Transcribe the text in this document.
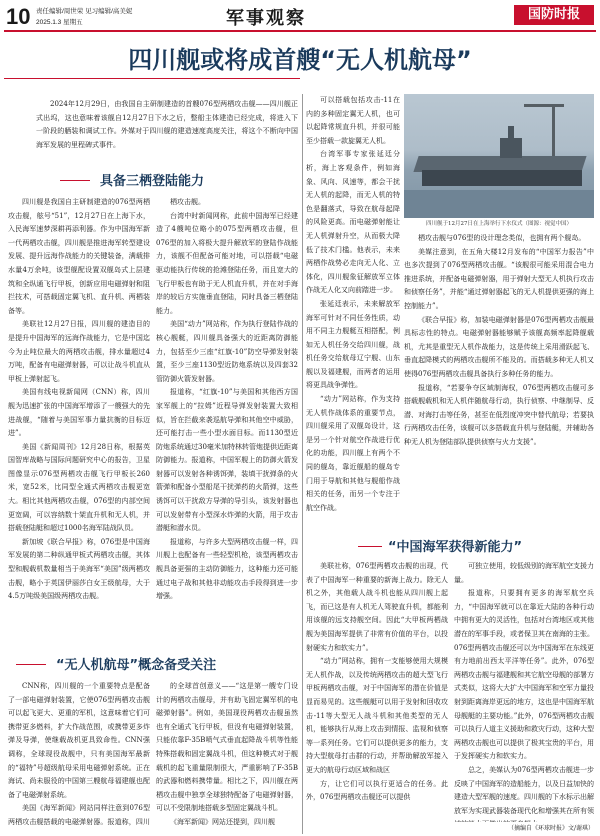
10 责任编辑/周世荣 见习编辑/高美妮
2025.1.3 星期五	军事观察	国防时报
四川舰或将成首艘“无人机航母”
2024年12月29日，由我国自主研制建造的首艘076型两栖攻击舰——四川舰正式出坞，这也意味着该舰自12月27日下水之后，整船主体建造已经完成，将进入下一阶段的舾装和调试工作。外媒对于四川舰的建造速度高度关注，将这个不断向中国海军发展的里程碑式事件。
四川舰于12月27日在上海举行下水仪式（图源：视觉中国）
具备三栖登陆能力

四川舰是我国自主研制建造的076型两栖攻击舰，舷号“51”，12月27日在上海下水，入民海军速梦深耕再添利器。作为中国海军新一代两栖攻击舰，四川舰是推进海军转型建设发展、提升远海作战能力的关键装备，满载排水量4万余吨，该型舰配设置双舰岛式上层建筑和全纵通飞行甲板，创新应用电磁弹射和阻拦技术，可搭载固定翼飞机、直升机、两栖装备等。

美联社12月27日报，四川舰的建造目的是提升中国海军的远海作战能力，它是中国迄今为止吨位最大的两栖攻击舰，排水量超过4万吨，配备有电磁弹射器，可以让战斗机直从甲板上弹射起飞。

美国有线电视新闻网（CNN）称，四川舰为迅速扩张的中国海军增添了一艘强大的先进战舰，“随着与美国军事力量抗衡的目标迈进”。

美国《新闻周刊》12月28日称，根据英国智库战略与国际问题研究中心的报告，卫星图像显示076型两栖攻击舰飞行甲板长260米，宽52米，比同型全通式两栖攻击舰更宽大。相比其他两栖攻击舰，076型的内部空间更宽阔，可以容纳数十架直升机和无人机，并搭载登陆艇和超过1000名海军陆战队员。

新加坡《联合早报》称，076型是中国海军发展的第二种纵通甲板式两栖攻击舰，其体型和舰载机数量相当于美海军“美国”级两栖攻击舰，略小于英国伊丽莎白女王级航母，大于4.5万吨级美国级两栖攻击舰。

栖攻击舰。

台湾中时新闻网称，此前中国海军已经建造了4艘吨位略小的075型两栖攻击舰，但076型的加入将极大提升解放军的登陆作战能力，该舰不但配备可能对地，可以搭载“电磁驱动能执行传统的抢滩登陆任务，而且宽大的飞行甲板也有助于无人机直升机，并在对手海岸的较后方实施垂直登陆，同时具备三栖登陆能力。

美国“动力”网站称，作为执行登陆作战的核心舰艇，四川舰具备强大的近距离防御能力，包括至少三座“红旗-10”防空导弹发射装置，至少三座1130型近防炮系统以及四套32管防御火箭发射器。

报道称，“红旗-10”与美国和其他西方国家军舰上的“拉姆”近程导弹发射装置大致相似，旨在拦截来袭巡航导弹和其他空中威胁，还可能打击一些小型水面目标。而1130型近防炮系统通过30毫米加特林转管炮提供近距离防御能力。报道称，中国军舰上的防御火箭发射器可以发射各种诱饵弹，装填干扰弹条的火箭弹和配备小型船尾干扰弹药的火箭弹，这些诱饵可以干扰敌方导弹的导引头，该发射器也可以发射带有小型深水炸弹的火箭，用于攻击潜艇和潜水员。

报道称，与许多大型两栖攻击舰一样，四川舰上也配备有一些轻型机枪，该型两栖攻击舰具备更强的主动防御能力，这种能力还可能通过电子战和其他非动能攻击手段得到进一步增强。

可以搭载包括攻击-11在内的多种固定翼无人机，也可以起降常规直升机，并很可能至少搭载一款旋翼无人机。

台湾军事专家张延廷分析，海上客观条件，例如海象、风向、风速等，都会干扰无人机的起降，而无人机的特色是翻落式，导致在航母起降的风险更高。而电磁弹射能让无人机弹射升空，从而极大降低了技术门槛。他表示，未来两栖作战势必走向无人化、立体化，四川舰象征解放军立体作战无人化又向前踏进一步。

张延廷表示，未来解放军海军可针对不同任务性质，动用不同主力舰艇互相搭配，例如无人机任务交给四川舰，战机任务交给航母辽宁舰、山东舰以及福建舰，而两者的运用将更具战争弹性。

“动力”网站称，作为支持无人机作战体系的重要节点，四川舰采用了双舰岛设计，这是另一个针对航空作战进行优化的功能，四川舰上有两个不同的舰岛，靠近舰船的舰岛专门用于导航和其他与舰船作战相关的任务，而另一个专注于航空作战。

栖攻击舰与076型的设计理念类似，也拥有两个舰岛。

美媒注意到，在五角大楼12月发布的“中国军力报告”中也多次提到了076型两栖攻击舰。“该舰很可能采用混合电力推进系统，并配备电磁弹射器，用于弹射大型无人机执行攻击和侦察任务”，并能“通过弹射器起飞的无人机提供更强的海上控制能力”。

《联合早报》称，加装电磁弹射器是076型两栖攻击舰最具标志性的特点。电磁弹射器能够赋予该舰高频率起降舰载机，尤其是重型无人机作战能力，这是传统上采用滑跃起飞、垂直起降模式的两栖攻击舰所不能及的。而搭载多种无人机又使得076型两栖攻击舰具备执行多种任务的能力。

报道称，“若要争夺区域制海权，076型两栖攻击舰可多搭载舰载机和无人机伴随航母行动，执行侦察、中继制导、反潜、对海打击等任务，甚至在低烈度冲突中替代航母；若要执行两栖攻击任务，该舰可以多搭载直升机与登陆艇，并辅助各种无人机为登陆部队提供侦察与火力支援”。

“无人机航母”概念备受关注

CNN称，四川舰的一个重要特点是配备了一部电磁弹射装置，它使076型两栖攻击舰可以起飞更大、更重的军机，这意味着它们可携带更多燃料，扩大作战范围，或携带更多炸弹及导弹，使继载战机更具致命性。CNN强调称，全球现役战舰中，只有美国海军最新的“福特”号超级航母采用电磁弹射系统。正在海试、尚未服役的中国第三艘航母福建舰也配备了电磁弹射系统。

美国《海军新闻》网站同样注意到076型两栖攻击舰搭载的电磁弹射器。报道称，四川

的全球首创意义——“这是第一艘专门设计的两栖攻击舰母，并有助飞固定翼军机的电磁弹射器”。例如，美国现役两栖攻击舰虽然也有全通式飞行甲板，但没有电磁弹射装置，只能依靠F-35B喷气式垂直起降战斗机等性能特殊搭载和固定翼战斗机，但这种模式对于舰载机的起飞重量限制很大，严重影响了F-35B的武器和燃料携带量。相比之下，四川舰在两栖攻击舰中独享全球独特配备了电磁弹射器，可以不受限制地搭载多型固定翼战斗机。

《海军新闻》网站还提到，四川舰

“中国海军获得新能力”

美联社称，076型两栖攻击舰的出现，代表了中国海军一种重要的新海上战力。除无人机之外，其他载人战斗机也能从四川舰上起飞，而已这是有人机无人驾驶直升机，都能利用该舰的远支持舰空间。因此“大甲板两栖战舰为美国海军提供了非常有价值的平台，以投射硬实力和软实力”。

“动力”网站称，拥有一支能够使用大规模无人机作战，以及传统两栖攻击的超大型飞行甲板两栖攻击舰，对于中国海军的潜在价值是显而易见的。这些舰艇可以用于发射和回收攻击-11等大型无人战斗机和其他类型的无人机，能够执行从海上攻击到情报、监视和侦察等一系列任务。它们可以提供更多的能力，支持大型航母打击群的行动，并帮助解放军接入更大的航母行动区域和战区

方，让它们可以执行更适合的任务。此外，076型两栖攻击舰还可以提供

可独立使用，较低级别的海军航空支援力量。

报道称，只要拥有更多的海军航空兵力，“中国海军就可以在靠近大陆的各种行动中拥有更大的灵活性，包括对台湾地区或其他潜在的军事手段，或者保卫其在南海的主张。076型两栖攻击舰还可以为中国海军在东线更有力地前出西太平洋等任务”。此外，076型两栖攻击舰与福建舰和其它航空母舰的部署方式类似，这将大大扩大中国海军和空军力量投射到距离海岸更远的地方，这也是中国海军航母舰艇的主要功能。”此外，076型两栖攻击舰可以执行人道主义援助和救灾行动，这种大型两栖攻击舰也可以提供了极其宝贵的平台，用于发挥硬实力和软实力。

总之，美媒认为076型两栖攻击舰进一步反映了中国海军的造船能力，以及日益加快的建造大型军舰的速度。四川舰的下水标示出解放军为实现武器装备现代化和增强其在所有领

（摘编自《环球时报》文/谢琪）
